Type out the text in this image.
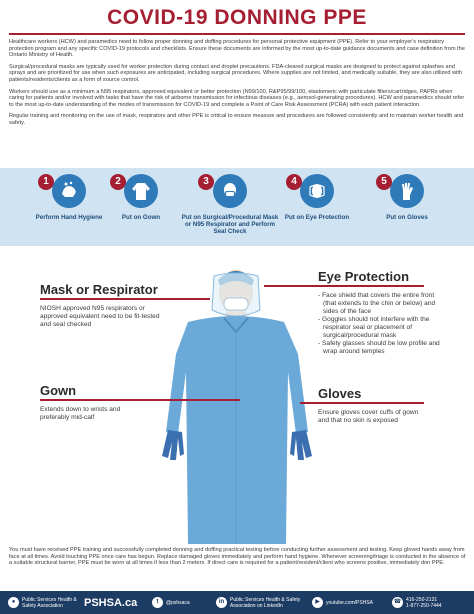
COVID-19 DONNING PPE

Healthcare workers (HCW) and paramedics need to follow proper donning and doffing procedures for personal protective equipment (PPE). Refer to your employer's respiratory protection program and any specific COVID-19 protocols and checklists. Ensure these documents are informed by the most up-to-date guidance documents and case definition from the Ontario Ministry of Health.

Surgical/procedural masks are typically used for worker protection during contact and droplet precautions. FDA-cleared surgical masks are designed to protect against splashes and sprays and are prioritized for use when such exposures are anticipated, including surgical procedures. Where supplies are not limited, and medically suitable, they are also utilized with patients/residents/clients as a form of source control.

Workers should use as a minimum a N95 respirators, approved equivalent or better protection (N99/100, R&P95/99/100, elastomeric with particulate filters/cartridges, PAPRs when caring for patients and/or involved with tasks that have the risk of airborne transmission for infectious diseases (e.g., aerosol-generating procedures). HCW and paramedics should refer to the most up-to-date understanding of the modes of transmission for COVID-19 and complete a Point of Care Risk Assessment (PCRA) with each patient interaction.

Regular training and monitoring on the use of mask, respirators and other PPE is critical to ensure measure and procedures are followed consistently and to maintain worker health and safety.

1
Perform Hand Hygiene
2
Put on Gown
3
Put on Surgical/Procedural Mask or N95 Respirator and Perform Seal Check
4
Put on Eye Protection
5
Put on Gloves
Mask or Respirator
NIOSH approved N95 respirators or approved equivalent need to be fit-tested and seal checked
Eye Protection
- Face shield that covers the entire front (that extends to the chin or below) and sides of the face
- Goggles should not interfere with the respirator seal or placement of surgical/procedural mask
- Safety glasses should be low profile and wrap around temples
Gown
Extends down to wrists and preferably mid-calf
Gloves
Ensure gloves cover cuffs of gown and that no skin is exposed
You must have received PPE training and successfully completed donning and doffing practical testing before conducting further assessment and testing. Keep gloved hands away from face at all times. Avoid touching PPE once care has begun. Replace damaged gloves immediately and perform hand hygiene. Whenever screening/triage is conducted in the absence of a suitable structural barrier, PPE must be worn at all times if less than 2 meters. If direct care is required for a patient/resident/client who screens positive, immediately don PPE.
●	Public Services Health & Safety Association	PSHSA.ca	t	@pshsaca	in	Public Services Health & Safety Association on LinkedIn
▶	youtube.com/PSHSA	☎ 416-250-2131
1-877-250-7444
